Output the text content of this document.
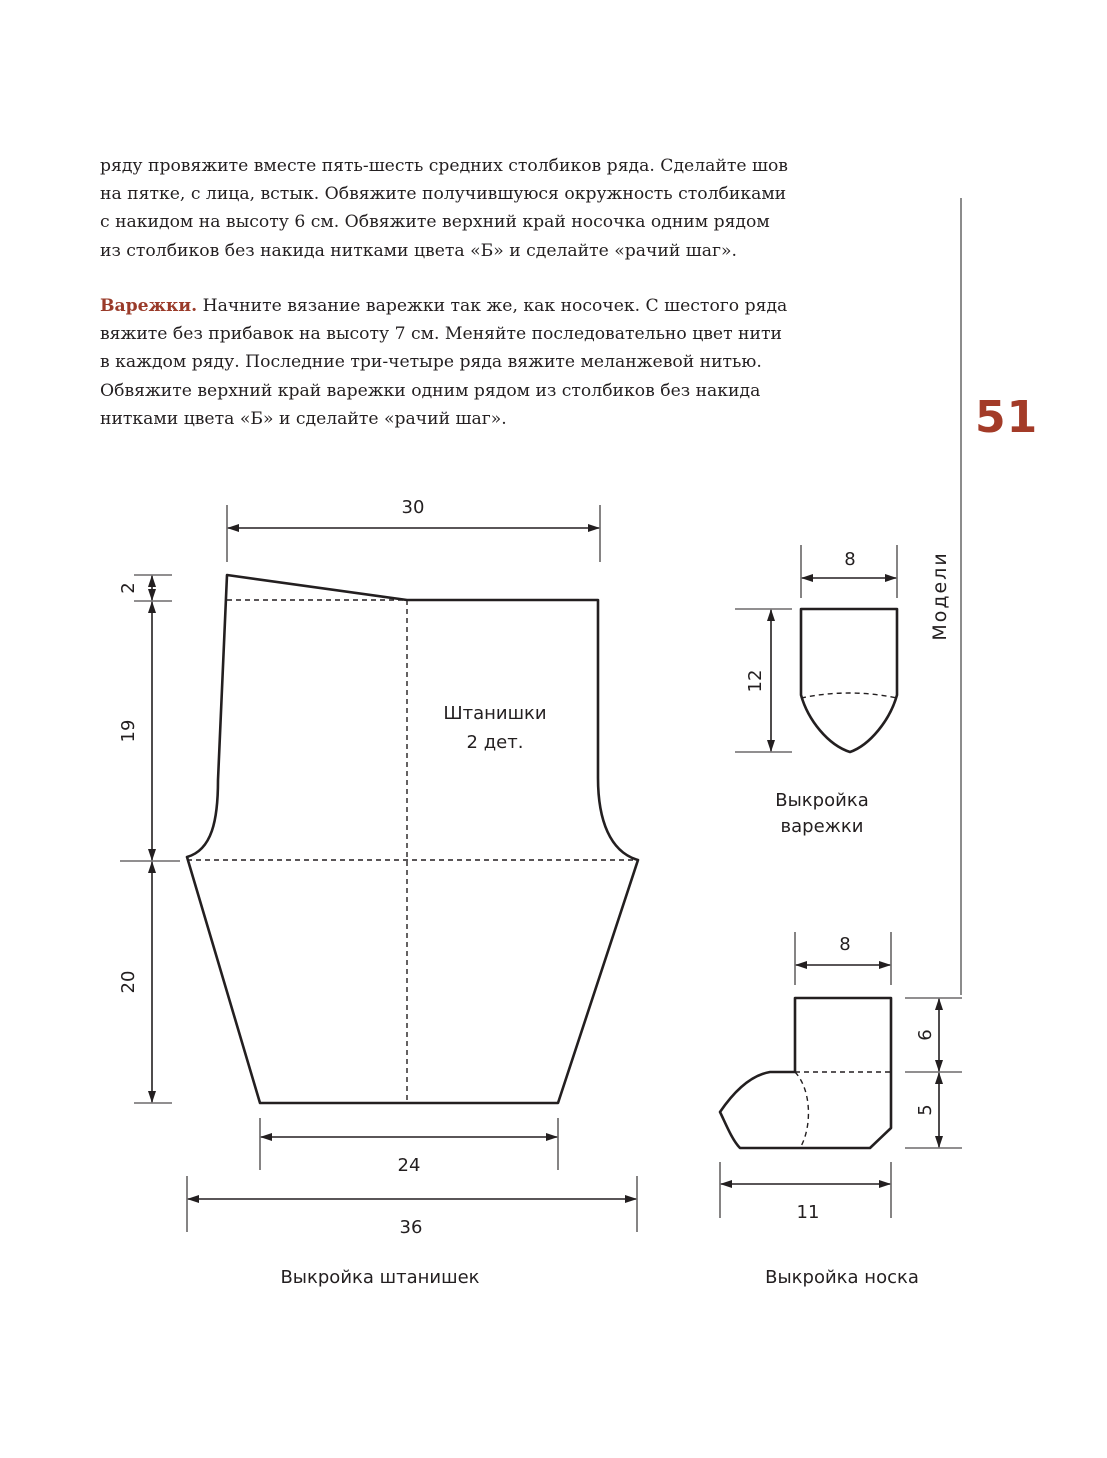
ряду провяжите вместе пять-шесть средних столбиков ряда. Сделайте шов
на пятке, с лица, встык. Обвяжите получившуюся окружность столбиками
с накидом на высоту 6 см. Обвяжите верхний край носочка одним рядом
из столбиков без накида нитками цвета «Б» и сделайте «рачий шаг».
Варежки. Начните вязание варежки так же, как носочек. С шестого ряда
вяжите без прибавок на высоту 7 см. Меняйте последовательно цвет нити
в каждом ряду. Последние три-четыре ряда вяжите меланжевой нитью.
Обвяжите верхний край варежки одним рядом из столбиков без накида
нитками цвета «Б» и сделайте «рачий шаг».	51
Модели
Штанишки
2 дет.
30
2
19
20
24
36
Выкройка штанишек
8
12
Выкройка
варежки
8
6
5
11
Выкройка носка
